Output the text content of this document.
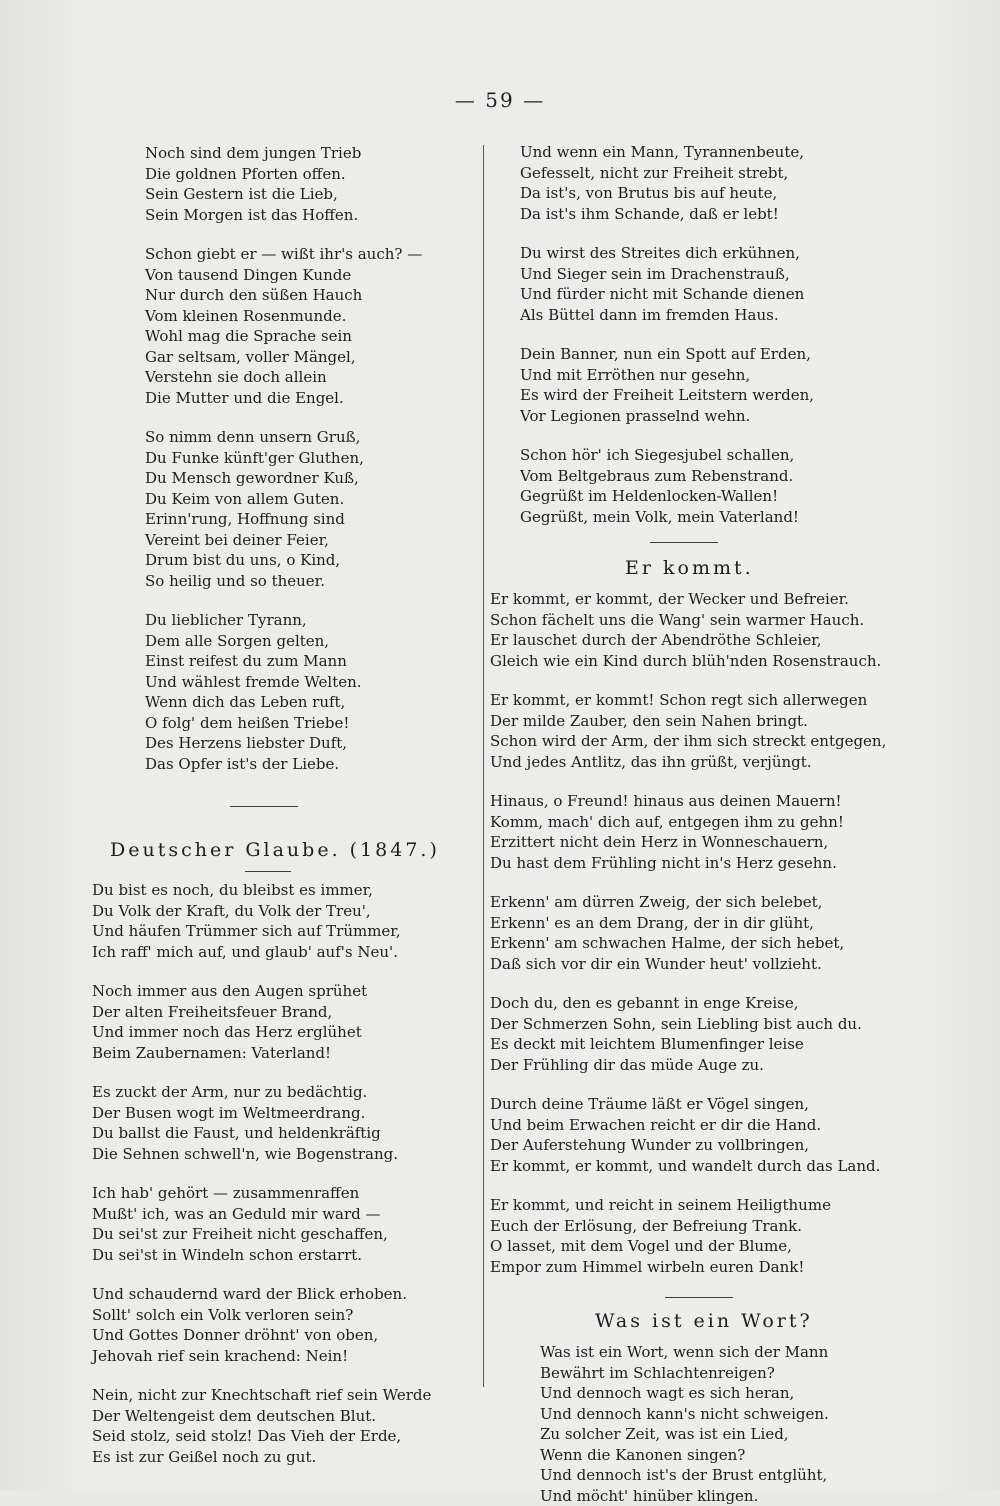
— 59 —
Noch sind dem jungen Trieb
Die goldnen Pforten offen.
Sein Gestern ist die Lieb,
Sein Morgen ist das Hoffen.
Schon giebt er — wißt ihr's auch? —
Von tausend Dingen Kunde
Nur durch den süßen Hauch
Vom kleinen Rosenmunde.
Wohl mag die Sprache sein
Gar seltsam, voller Mängel,
Verstehn sie doch allein
Die Mutter und die Engel.
So nimm denn unsern Gruß,
Du Funke künft'ger Gluthen,
Du Mensch gewordner Kuß,
Du Keim von allem Guten.
Erinn'rung, Hoffnung sind
Vereint bei deiner Feier,
Drum bist du uns, o Kind,
So heilig und so theuer.
Du lieblicher Tyrann,
Dem alle Sorgen gelten,
Einst reifest du zum Mann
Und wählest fremde Welten.
Wenn dich das Leben ruft,
O folg' dem heißen Triebe!
Des Herzens liebster Duft,
Das Opfer ist's der Liebe.
Deutscher Glaube. (1847.)
Du bist es noch, du bleibst es immer,
Du Volk der Kraft, du Volk der Treu',
Und häufen Trümmer sich auf Trümmer,
Ich raff' mich auf, und glaub' auf's Neu'.
Noch immer aus den Augen sprühet
Der alten Freiheitsfeuer Brand,
Und immer noch das Herz erglühet
Beim Zaubernamen: Vaterland!
Es zuckt der Arm, nur zu bedächtig.
Der Busen wogt im Weltmeerdrang.
Du ballst die Faust, und heldenkräftig
Die Sehnen schwell'n, wie Bogenstrang.
Ich hab' gehört — zusammenraffen
Mußt' ich, was an Geduld mir ward —
Du sei'st zur Freiheit nicht geschaffen,
Du sei'st in Windeln schon erstarrt.
Und schaudernd ward der Blick erhoben.
Sollt' solch ein Volk verloren sein?
Und Gottes Donner dröhnt' von oben,
Jehovah rief sein krachend: Nein!
Nein, nicht zur Knechtschaft rief sein Werde
Der Weltengeist dem deutschen Blut.
Seid stolz, seid stolz! Das Vieh der Erde,
Es ist zur Geißel noch zu gut.
Und wenn ein Mann, Tyrannenbeute,
Gefesselt, nicht zur Freiheit strebt,
Da ist's, von Brutus bis auf heute,
Da ist's ihm Schande, daß er lebt!
Du wirst des Streites dich erkühnen,
Und Sieger sein im Drachenstrauß,
Und fürder nicht mit Schande dienen
Als Büttel dann im fremden Haus.
Dein Banner, nun ein Spott auf Erden,
Und mit Erröthen nur gesehn,
Es wird der Freiheit Leitstern werden,
Vor Legionen prasselnd wehn.
Schon hör' ich Siegesjubel schallen,
Vom Beltgebraus zum Rebenstrand.
Gegrüßt im Heldenlocken-Wallen!
Gegrüßt, mein Volk, mein Vaterland!
Er kommt.
Er kommt, er kommt, der Wecker und Befreier.
Schon fächelt uns die Wang' sein warmer Hauch.
Er lauschet durch der Abendröthe Schleier,
Gleich wie ein Kind durch blüh'nden Rosenstrauch.
Er kommt, er kommt! Schon regt sich allerwegen
Der milde Zauber, den sein Nahen bringt.
Schon wird der Arm, der ihm sich streckt entgegen,
Und jedes Antlitz, das ihn grüßt, verjüngt.
Hinaus, o Freund! hinaus aus deinen Mauern!
Komm, mach' dich auf, entgegen ihm zu gehn!
Erzittert nicht dein Herz in Wonneschauern,
Du hast dem Frühling nicht in's Herz gesehn.
Erkenn' am dürren Zweig, der sich belebet,
Erkenn' es an dem Drang, der in dir glüht,
Erkenn' am schwachen Halme, der sich hebet,
Daß sich vor dir ein Wunder heut' vollzieht.
Doch du, den es gebannt in enge Kreise,
Der Schmerzen Sohn, sein Liebling bist auch du.
Es deckt mit leichtem Blumenfinger leise
Der Frühling dir das müde Auge zu.
Durch deine Träume läßt er Vögel singen,
Und beim Erwachen reicht er dir die Hand.
Der Auferstehung Wunder zu vollbringen,
Er kommt, er kommt, und wandelt durch das Land.
Er kommt, und reicht in seinem Heiligthume
Euch der Erlösung, der Befreiung Trank.
O lasset, mit dem Vogel und der Blume,
Empor zum Himmel wirbeln euren Dank!
Was ist ein Wort?
Was ist ein Wort, wenn sich der Mann
Bewährt im Schlachtenreigen?
Und dennoch wagt es sich heran,
Und dennoch kann's nicht schweigen.
Zu solcher Zeit, was ist ein Lied,
Wenn die Kanonen singen?
Und dennoch ist's der Brust entglüht,
Und möcht' hinüber klingen.
